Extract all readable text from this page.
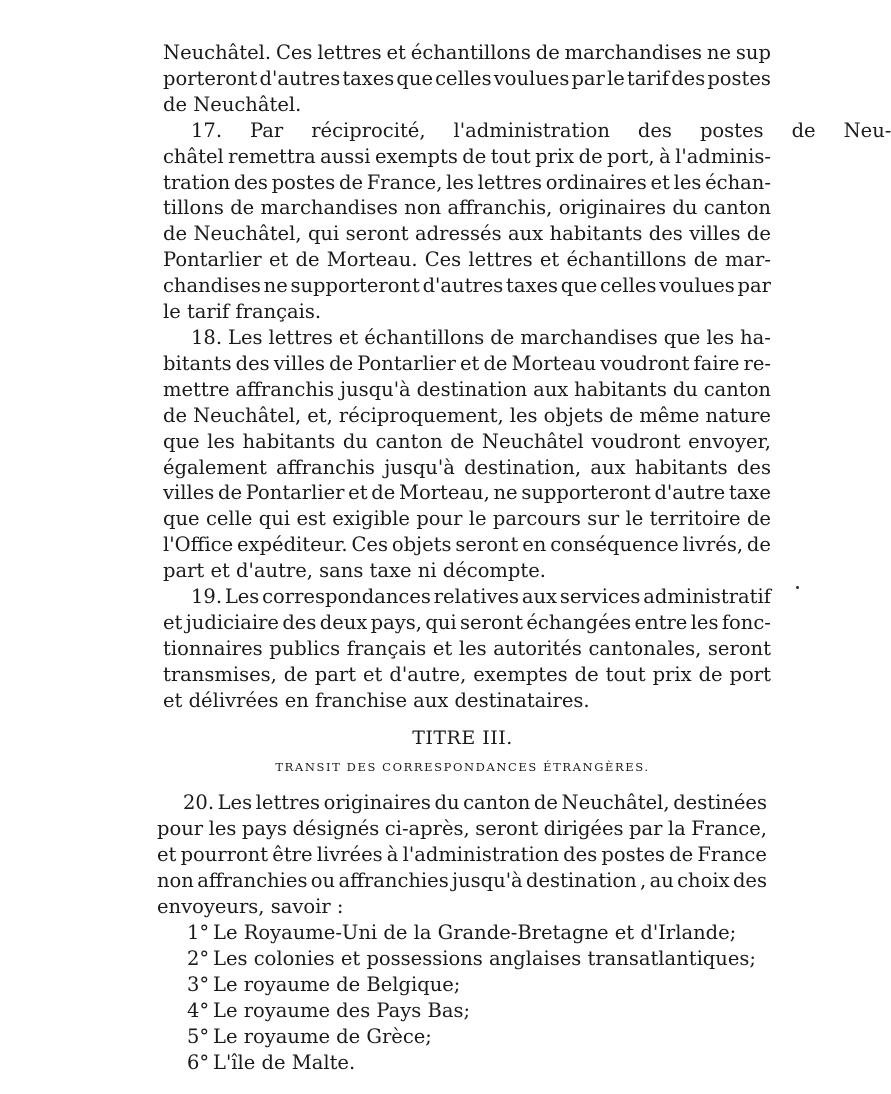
Neuchâtel. Ces lettres et échantillons de marchandises ne sup
porteront d'autres taxes que celles voulues par le tarif des postes
de Neuchâtel.

17.	Par	réciprocité,	l'administration	des	postes	de	Neu-

châtel remettra aussi exempts de tout prix de port, à l'adminis-
tration des postes de France, les lettres ordinaires et les échan-
tillons de marchandises non affranchis, originaires du canton
de Neuchâtel, qui seront adressés aux habitants des villes de
Pontarlier et de Morteau. Ces lettres et échantillons de mar-
chandises ne supporteront d'autres taxes que celles voulues par
le tarif français.

18. Les lettres et échantillons de marchandises que les ha-
bitants des villes de Pontarlier et de Morteau voudront faire re-
mettre affranchis jusqu'à destination aux habitants du canton
de Neuchâtel, et, réciproquement, les objets de même nature
que les habitants du canton de Neuchâtel voudront envoyer,
également affranchis jusqu'à destination, aux habitants des
villes de Pontarlier et de Morteau, ne supporteront d'autre taxe
que celle qui est exigible pour le parcours sur le territoire de
l'Office expéditeur. Ces objets seront en conséquence livrés, de
part et d'autre, sans taxe ni décompte.

19. Les correspondances relatives aux services administratif
et judiciaire des deux pays, qui seront échangées entre les fonc-
tionnaires publics français et les autorités cantonales, seront
transmises, de part et d'autre, exemptes de tout prix de port
et délivrées en franchise aux destinataires.

TITRE III.
TRANSIT DES CORRESPONDANCES ÉTRANGÈRES.

20. Les lettres originaires du canton de Neuchâtel, destinées
pour les pays désignés ci-après, seront dirigées par la France,
et pourront être livrées à l'administration des postes de France
non affranchies ou affranchies jusqu'à destination , au choix des
envoyeurs, savoir :

1° Le Royaume-Uni de la Grande-Bretagne et d'Irlande;
2° Les colonies et possessions anglaises transatlantiques;
3° Le royaume de Belgique;
4° Le royaume des Pays Bas;
5° Le royaume de Grèce;
6° L'île de Malte.
